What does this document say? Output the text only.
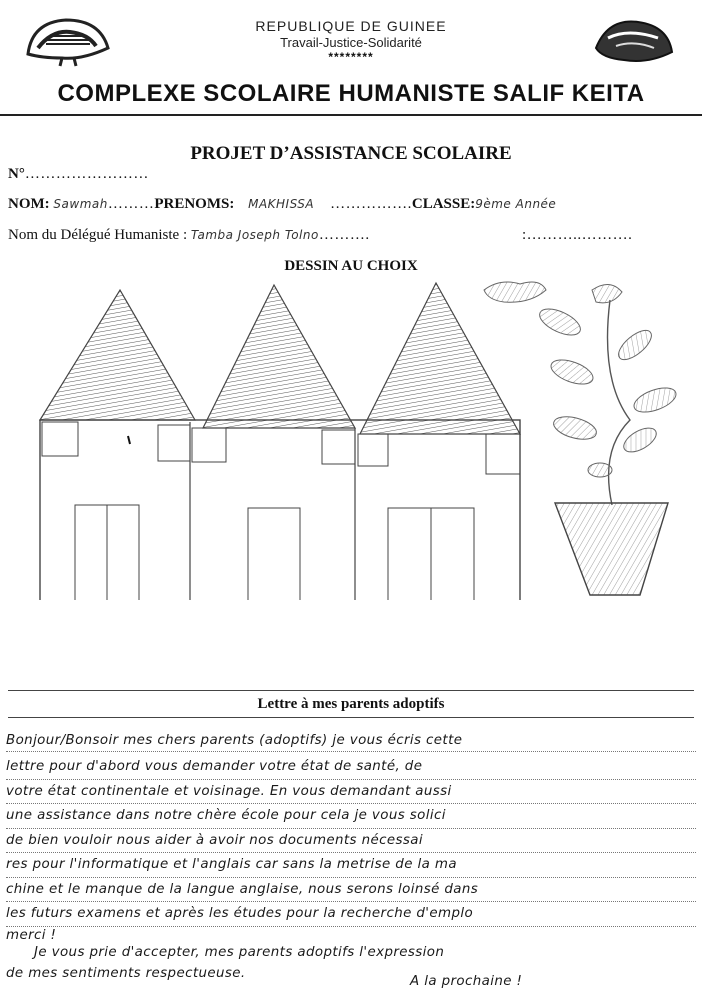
REPUBLIQUE DE GUINEE
Travail-Justice-Solidarité
********
COMPLEXE SCOLAIRE HUMANISTE SALIF KEITA
PROJET D’ASSISTANCE SCOLAIRE
N°……………………
NOM: Sawmah………PRENOMS: MAKHISSA …………….CLASSE:9ème Année
Nom du Délégué Humaniste : Tamba Joseph Tolno……….	:………..……….
DESSIN AU CHOIX
Lettre à mes parents adoptifs
Bonjour/Bonsoir mes chers parents (adoptifs) je vous écris cette
lettre pour d'abord vous demander votre état de santé, de
votre état continentale et voisinage. En vous demandant aussi
une assistance dans notre chère école pour cela je vous solici
de bien vouloir nous aider à avoir nos documents nécessai
res pour l'informatique et l'anglais car sans la metrise de la ma
chine et le manque de la langue anglaise, nous serons loinsé dans
les futurs examens et après les études pour la recherche d'emplo
merci !
Je vous prie d'accepter, mes parents adoptifs l'expression
de mes sentiments respectueuse.
A la prochaine !
